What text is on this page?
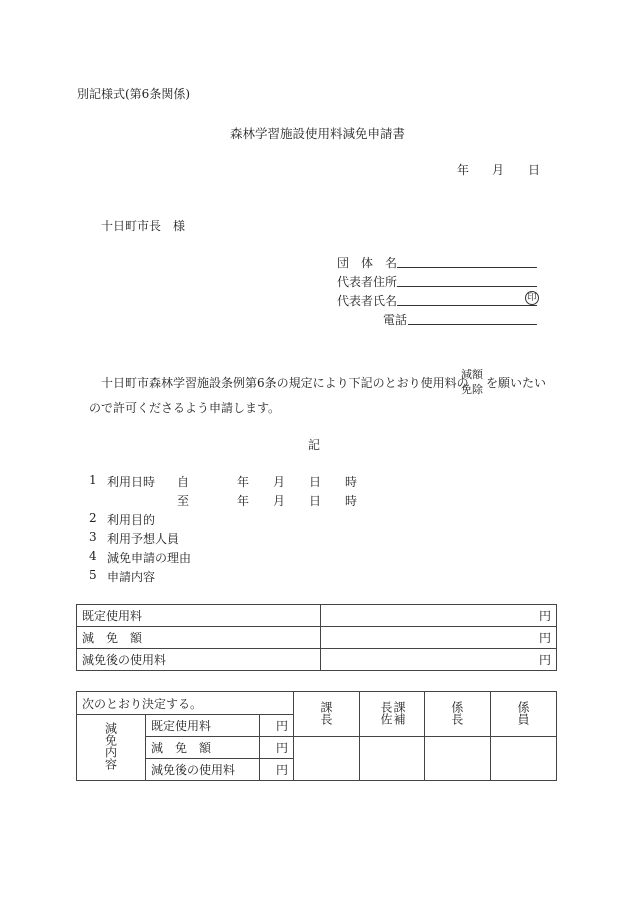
別記様式(第6条関係)
森林学習施設使用料減免申請書
年 月 日
十日町市長　様
団　体　名
代表者住所
代表者氏名	印
電話
十日町市森林学習施設条例第6条の規定により下記のとおり使用料の
減額
免除 を願いたい
ので許可くださるよう申請します。
記
1 利用日時 自	年 月 日 時
至	年 月 日 時
2 利用目的
3 利用予想人員
4 減免申請の理由
5 申請内容
既定使用料	円
減　免　額	円
減免後の使用料	円
次のとおり決定する。			課長	課補長佐	係長	係員
減免内容	既定使用料	円				
	減　免　額	円				
	減免後の使用料	円				
